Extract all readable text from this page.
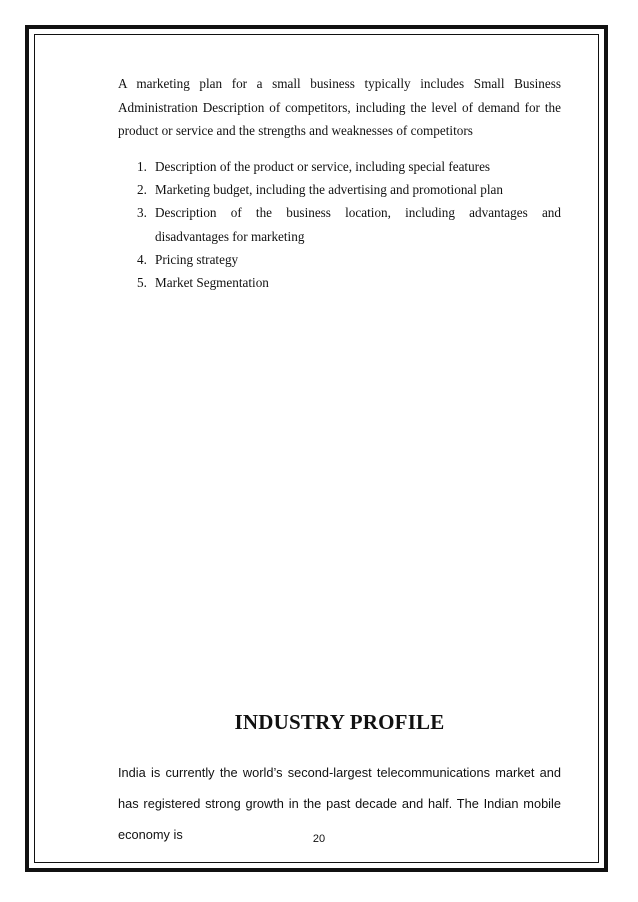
A marketing plan for a small business typically includes Small Business Administration Description of competitors, including the level of demand for the product or service and the strengths and weaknesses of competitors

1. Description of the product or service, including special features
2. Marketing budget, including the advertising and promotional plan
3. Description of the business location, including advantages and disadvantages for marketing
4. Pricing strategy
5. Market Segmentation
INDUSTRY PROFILE

India is currently the world’s second-largest telecommunications market and has registered strong growth in the past decade and half. The Indian mobile economy is	20
